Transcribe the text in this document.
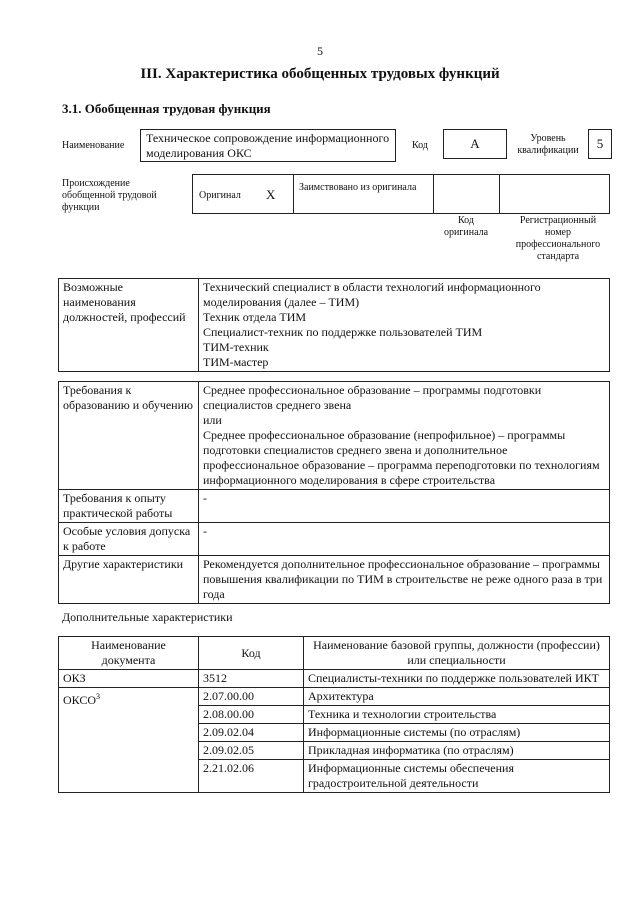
5
III. Характеристика обобщенных трудовых функций
3.1. Обобщенная трудовая функция
Наименование
Техническое сопровождение информационного моделирования ОКС
Код	A	Уровень квалификации	5
Происхождение обобщенной трудовой функции
Оригинал X Заимствовано из оригинала
Код оригинала
Регистрационный номер профессионального стандарта
Возможные наименования должностей, профессий	
Технический специалист в области технологий информационного моделирования (далее – ТИМ)
Техник отдела ТИМ
Специалист-техник по поддержке пользователей ТИМ
ТИМ-техник
ТИМ-мастер
Требования к образованию и обучению	Среднее профессиональное образование – программы подготовки специалистов среднего звена
или
Среднее профессиональное образование (непрофильное) – программы подготовки специалистов среднего звена и дополнительное профессиональное образование – программа переподготовки по технологиям информационного моделирования в сфере строительства

Требования к опыту практической работы	-
Особые условия допуска к работе	-
Другие характеристики	Рекомендуется дополнительное профессиональное образование – программы повышения квалификации по ТИМ в строительстве не реже одного раза в три года
Дополнительные характеристики
Наименование документа	Код	Наименование базовой группы, должности (профессии) или специальности
ОКЗ	3512	Специалисты-техники по поддержке пользователей ИКТ
ОКСО$^3$	2.07.00.00	Архитектура
	2.08.00.00	Техника и технологии строительства
	2.09.02.04	Информационные системы (по отраслям)
	2.09.02.05	Прикладная информатика (по отраслям)
	2.21.02.06	Информационные системы обеспечения градостроительной деятельности
